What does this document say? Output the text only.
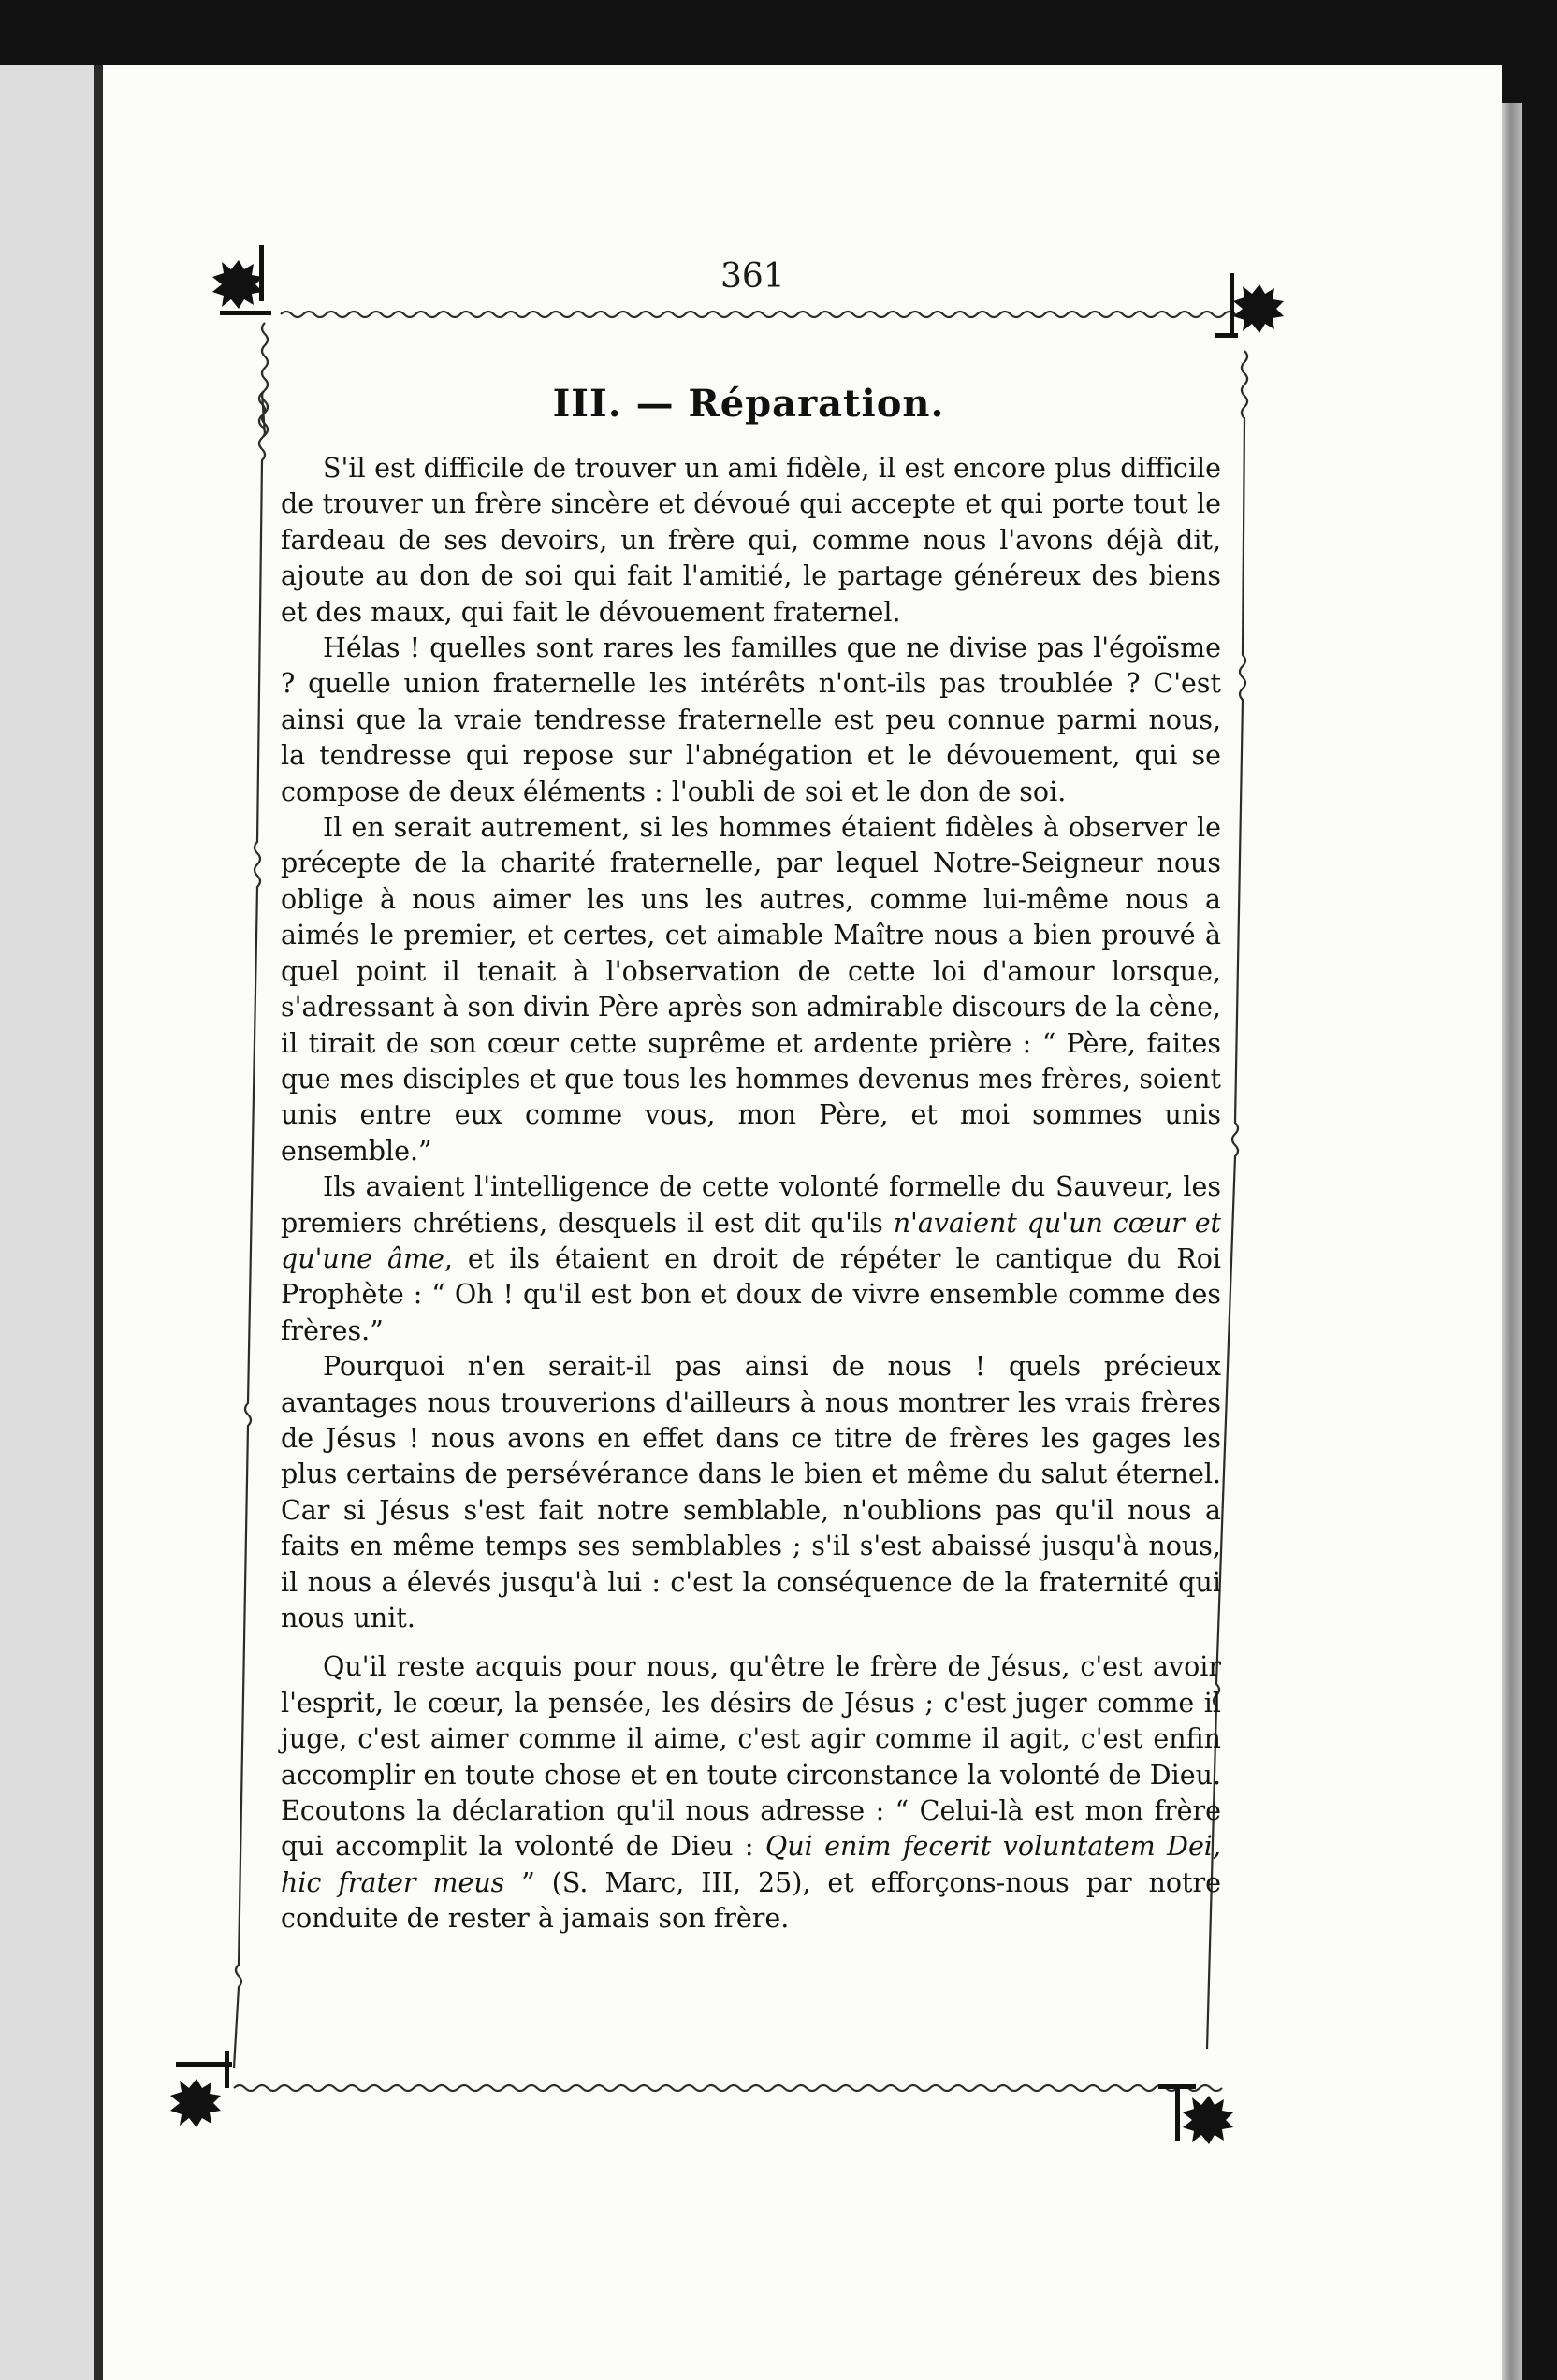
361
III. — Réparation.

S'il est difficile de trouver un ami fidèle, il est encore plus difficile de trouver un frère sincère et dévoué qui accepte et qui porte tout le fardeau de ses devoirs, un frère qui, comme nous l'avons déjà dit, ajoute au don de soi qui fait l'amitié, le partage généreux des biens et des maux, qui fait le dévouement fraternel.

Hélas ! quelles sont rares les familles que ne divise pas l'égoïsme ? quelle union fraternelle les intérêts n'ont-ils pas troublée ? C'est ainsi que la vraie tendresse fraternelle est peu connue parmi nous, la tendresse qui repose sur l'abnégation et le dévouement, qui se compose de deux éléments : l'oubli de soi et le don de soi.

Il en serait autrement, si les hommes étaient fidèles à observer le précepte de la charité fraternelle, par lequel Notre-Seigneur nous oblige à nous aimer les uns les autres, comme lui-même nous a aimés le premier, et certes, cet aimable Maître nous a bien prouvé à quel point il tenait à l'observation de cette loi d'amour lorsque, s'adressant à son divin Père après son admirable discours de la cène, il tirait de son cœur cette suprême et ardente prière : “ Père, faites que mes disciples et que tous les hommes devenus mes frères, soient unis entre eux comme vous, mon Père, et moi sommes unis ensemble.”

Ils avaient l'intelligence de cette volonté formelle du Sauveur, les premiers chrétiens, desquels il est dit qu'ils n'avaient qu'un cœur et qu'une âme, et ils étaient en droit de répéter le cantique du Roi Prophète : “ Oh ! qu'il est bon et doux de vivre ensemble comme des frères.”

Pourquoi n'en serait-il pas ainsi de nous ! quels précieux avantages nous trouverions d'ailleurs à nous montrer les vrais frères de Jésus ! nous avons en effet dans ce titre de frères les gages les plus certains de persévérance dans le bien et même du salut éternel. Car si Jésus s'est fait notre semblable, n'oublions pas qu'il nous a faits en même temps ses semblables ; s'il s'est abaissé jusqu'à nous, il nous a élevés jusqu'à lui : c'est la conséquence de la fraternité qui nous unit.

Qu'il reste acquis pour nous, qu'être le frère de Jésus, c'est avoir l'esprit, le cœur, la pensée, les désirs de Jésus ; c'est juger comme il juge, c'est aimer comme il aime, c'est agir comme il agit, c'est enfin accomplir en toute chose et en toute circonstance la volonté de Dieu. Ecoutons la déclaration qu'il nous adresse : “ Celui-là est mon frère qui accomplit la volonté de Dieu : Qui enim fecerit voluntatem Dei, hic frater meus ” (S. Marc, III, 25), et efforçons-nous par notre conduite de rester à jamais son frère.
